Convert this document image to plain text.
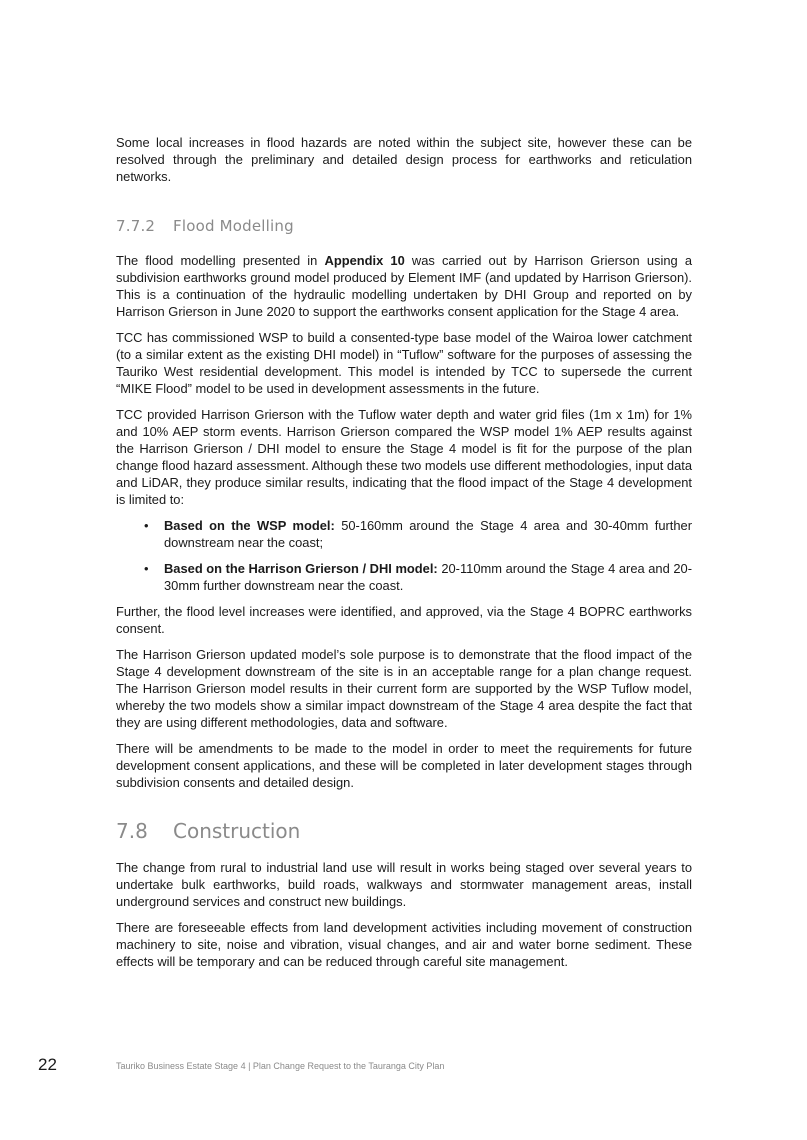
Some local increases in flood hazards are noted within the subject site, however these can be resolved through the preliminary and detailed design process for earthworks and reticulation networks.

7.7.2 Flood Modelling

The flood modelling presented in Appendix 10 was carried out by Harrison Grierson using a subdivision earthworks ground model produced by Element IMF (and updated by Harrison Grierson). This is a continuation of the hydraulic modelling undertaken by DHI Group and reported on by Harrison Grierson in June 2020 to support the earthworks consent application for the Stage 4 area.

TCC has commissioned WSP to build a consented-type base model of the Wairoa lower catchment (to a similar extent as the existing DHI model) in “Tuflow” software for the purposes of assessing the Tauriko West residential development. This model is intended by TCC to supersede the current “MIKE Flood” model to be used in development assessments in the future.

TCC provided Harrison Grierson with the Tuflow water depth and water grid files (1m x 1m) for 1% and 10% AEP storm events. Harrison Grierson compared the WSP model 1% AEP results against the Harrison Grierson / DHI model to ensure the Stage 4 model is fit for the purpose of the plan change flood hazard assessment. Although these two models use different methodologies, input data and LiDAR, they produce similar results, indicating that the flood impact of the Stage 4 development is limited to:

• Based on the WSP model: 50-160mm around the Stage 4 area and 30-40mm further downstream near the coast;
• Based on the Harrison Grierson / DHI model: 20-110mm around the Stage 4 area and 20-30mm further downstream near the coast.

Further, the flood level increases were identified, and approved, via the Stage 4 BOPRC earthworks consent.

The Harrison Grierson updated model’s sole purpose is to demonstrate that the flood impact of the Stage 4 development downstream of the site is in an acceptable range for a plan change request. The Harrison Grierson model results in their current form are supported by the WSP Tuflow model, whereby the two models show a similar impact downstream of the Stage 4 area despite the fact that they are using different methodologies, data and software.

There will be amendments to be made to the model in order to meet the requirements for future development consent applications, and these will be completed in later development stages through subdivision consents and detailed design.

7.8 Construction

The change from rural to industrial land use will result in works being staged over several years to undertake bulk earthworks, build roads, walkways and stormwater management areas, install underground services and construct new buildings.

There are foreseeable effects from land development activities including movement of construction machinery to site, noise and vibration, visual changes, and air and water borne sediment. These effects will be temporary and can be reduced through careful site management.

22	Tauriko Business Estate Stage 4 | Plan Change Request to the Tauranga City Plan
